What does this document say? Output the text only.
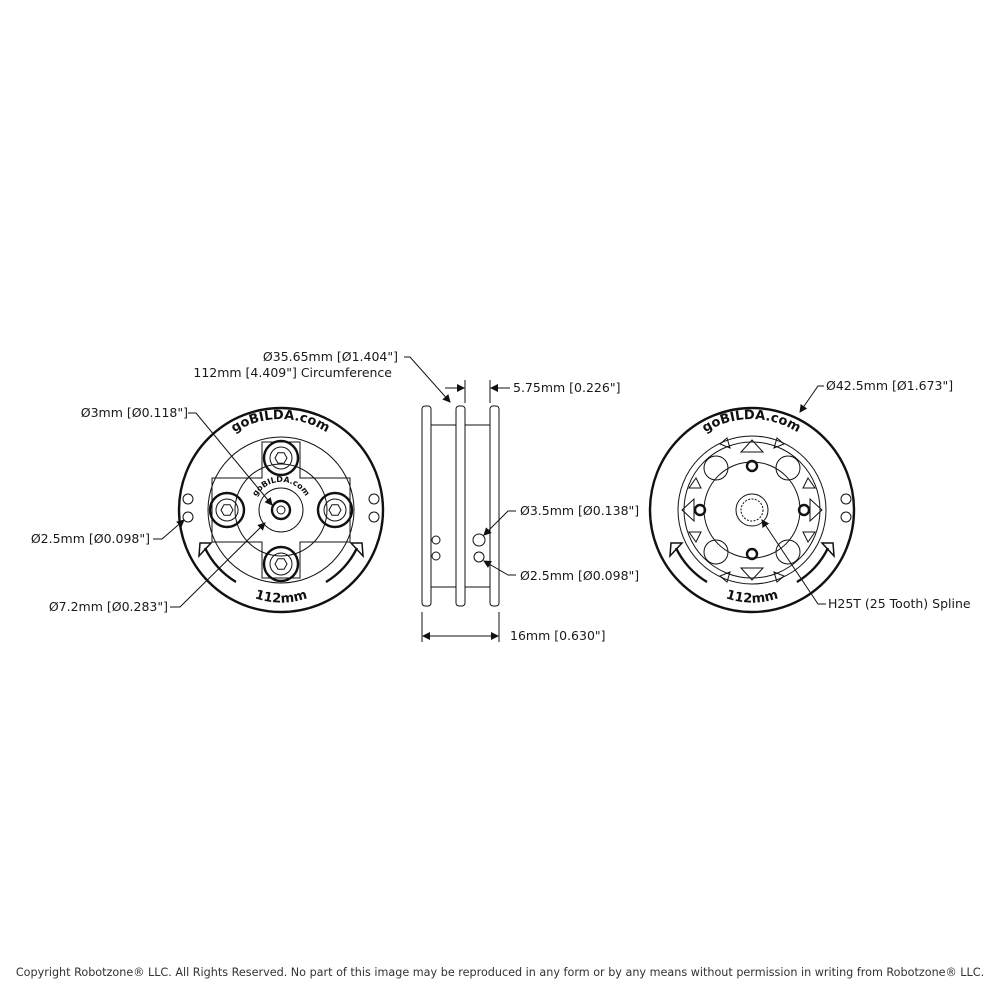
goBILDA.com
goBILDA.com
112mm
Ø3mm [Ø0.118"]
Ø2.5mm [Ø0.098"]
Ø7.2mm [Ø0.283"]
Ø35.65mm [Ø1.404"]
112mm [4.409"] Circumference
5.75mm [0.226"]
Ø3.5mm [Ø0.138"]
Ø2.5mm [Ø0.098"]
16mm [0.630"]
goBILDA.com
112mm
Ø42.5mm [Ø1.673"]
H25T (25 Tooth) Spline
Copyright Robotzone® LLC. All Rights Reserved. No part of this image may be reproduced in any form or by any means without permission in writing from Robotzone® LLC.
